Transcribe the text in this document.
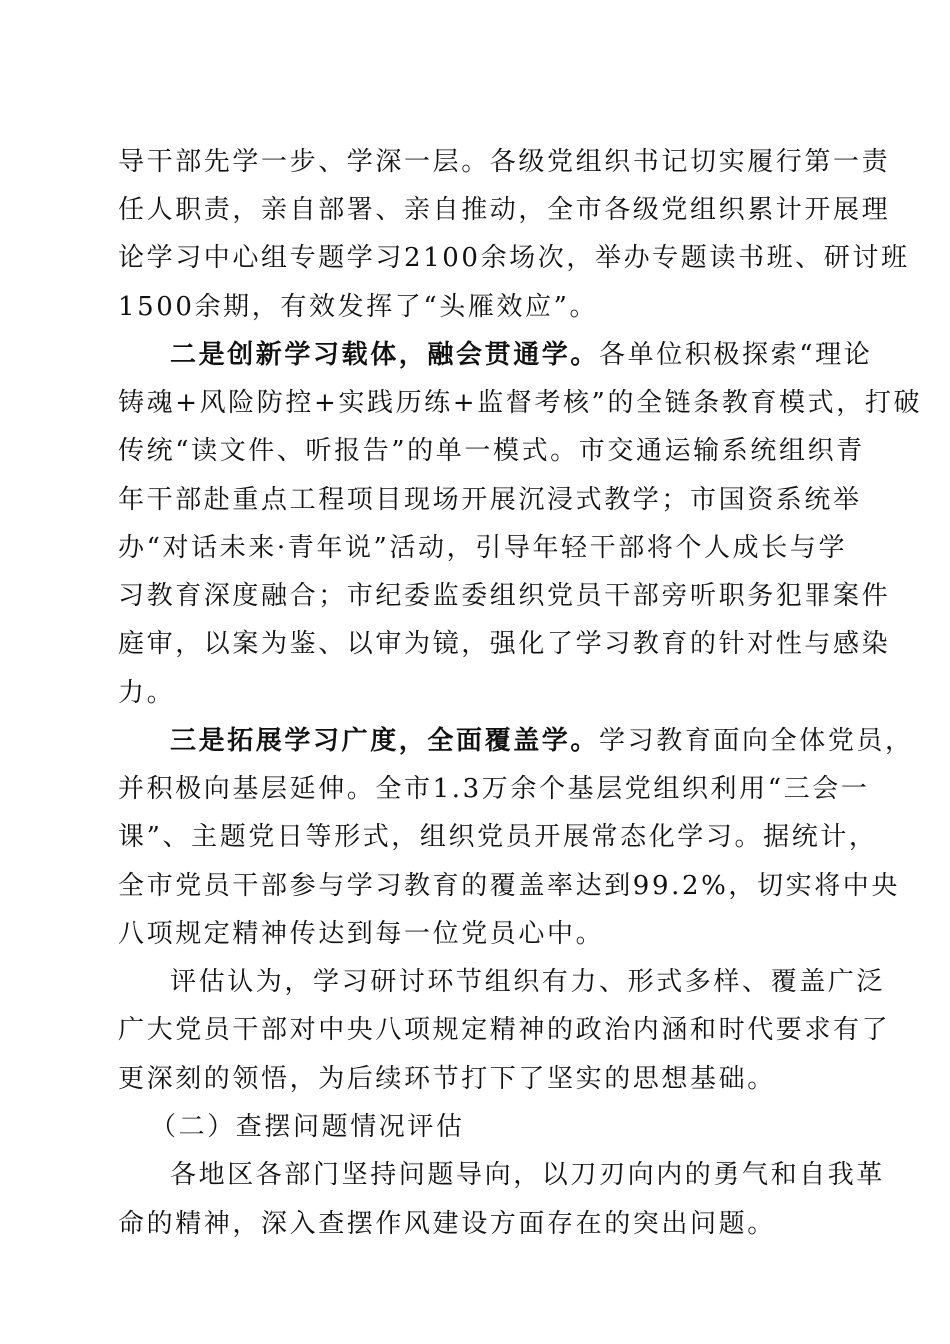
导干部先学一步、学深一层。各级党组织书记切实履行第一责
任人职责，亲自部署、亲自推动，全市各级党组织累计开展理
论学习中心组专题学习2100余场次，举办专题读书班、研讨班
1500余期，有效发挥了“头雁效应”。
二是创新学习载体，融会贯通学。各单位积极探索“理论
铸魂+风险防控+实践历练+监督考核”的全链条教育模式，打破
传统“读文件、听报告”的单一模式。市交通运输系统组织青
年干部赴重点工程项目现场开展沉浸式教学；市国资系统举
办“对话未来·青年说”活动，引导年轻干部将个人成长与学
习教育深度融合；市纪委监委组织党员干部旁听职务犯罪案件
庭审，以案为鉴、以审为镜，强化了学习教育的针对性与感染
力。
三是拓展学习广度，全面覆盖学。学习教育面向全体党员，
并积极向基层延伸。全市1.3万余个基层党组织利用“三会一
课”、主题党日等形式，组织党员开展常态化学习。据统计，
全市党员干部参与学习教育的覆盖率达到99.2%，切实将中央
八项规定精神传达到每一位党员心中。
评估认为，学习研讨环节组织有力、形式多样、覆盖广泛
广大党员干部对中央八项规定精神的政治内涵和时代要求有了
更深刻的领悟，为后续环节打下了坚实的思想基础。
（二）查摆问题情况评估
各地区各部门坚持问题导向，以刀刃向内的勇气和自我革
命的精神，深入查摆作风建设方面存在的突出问题。
